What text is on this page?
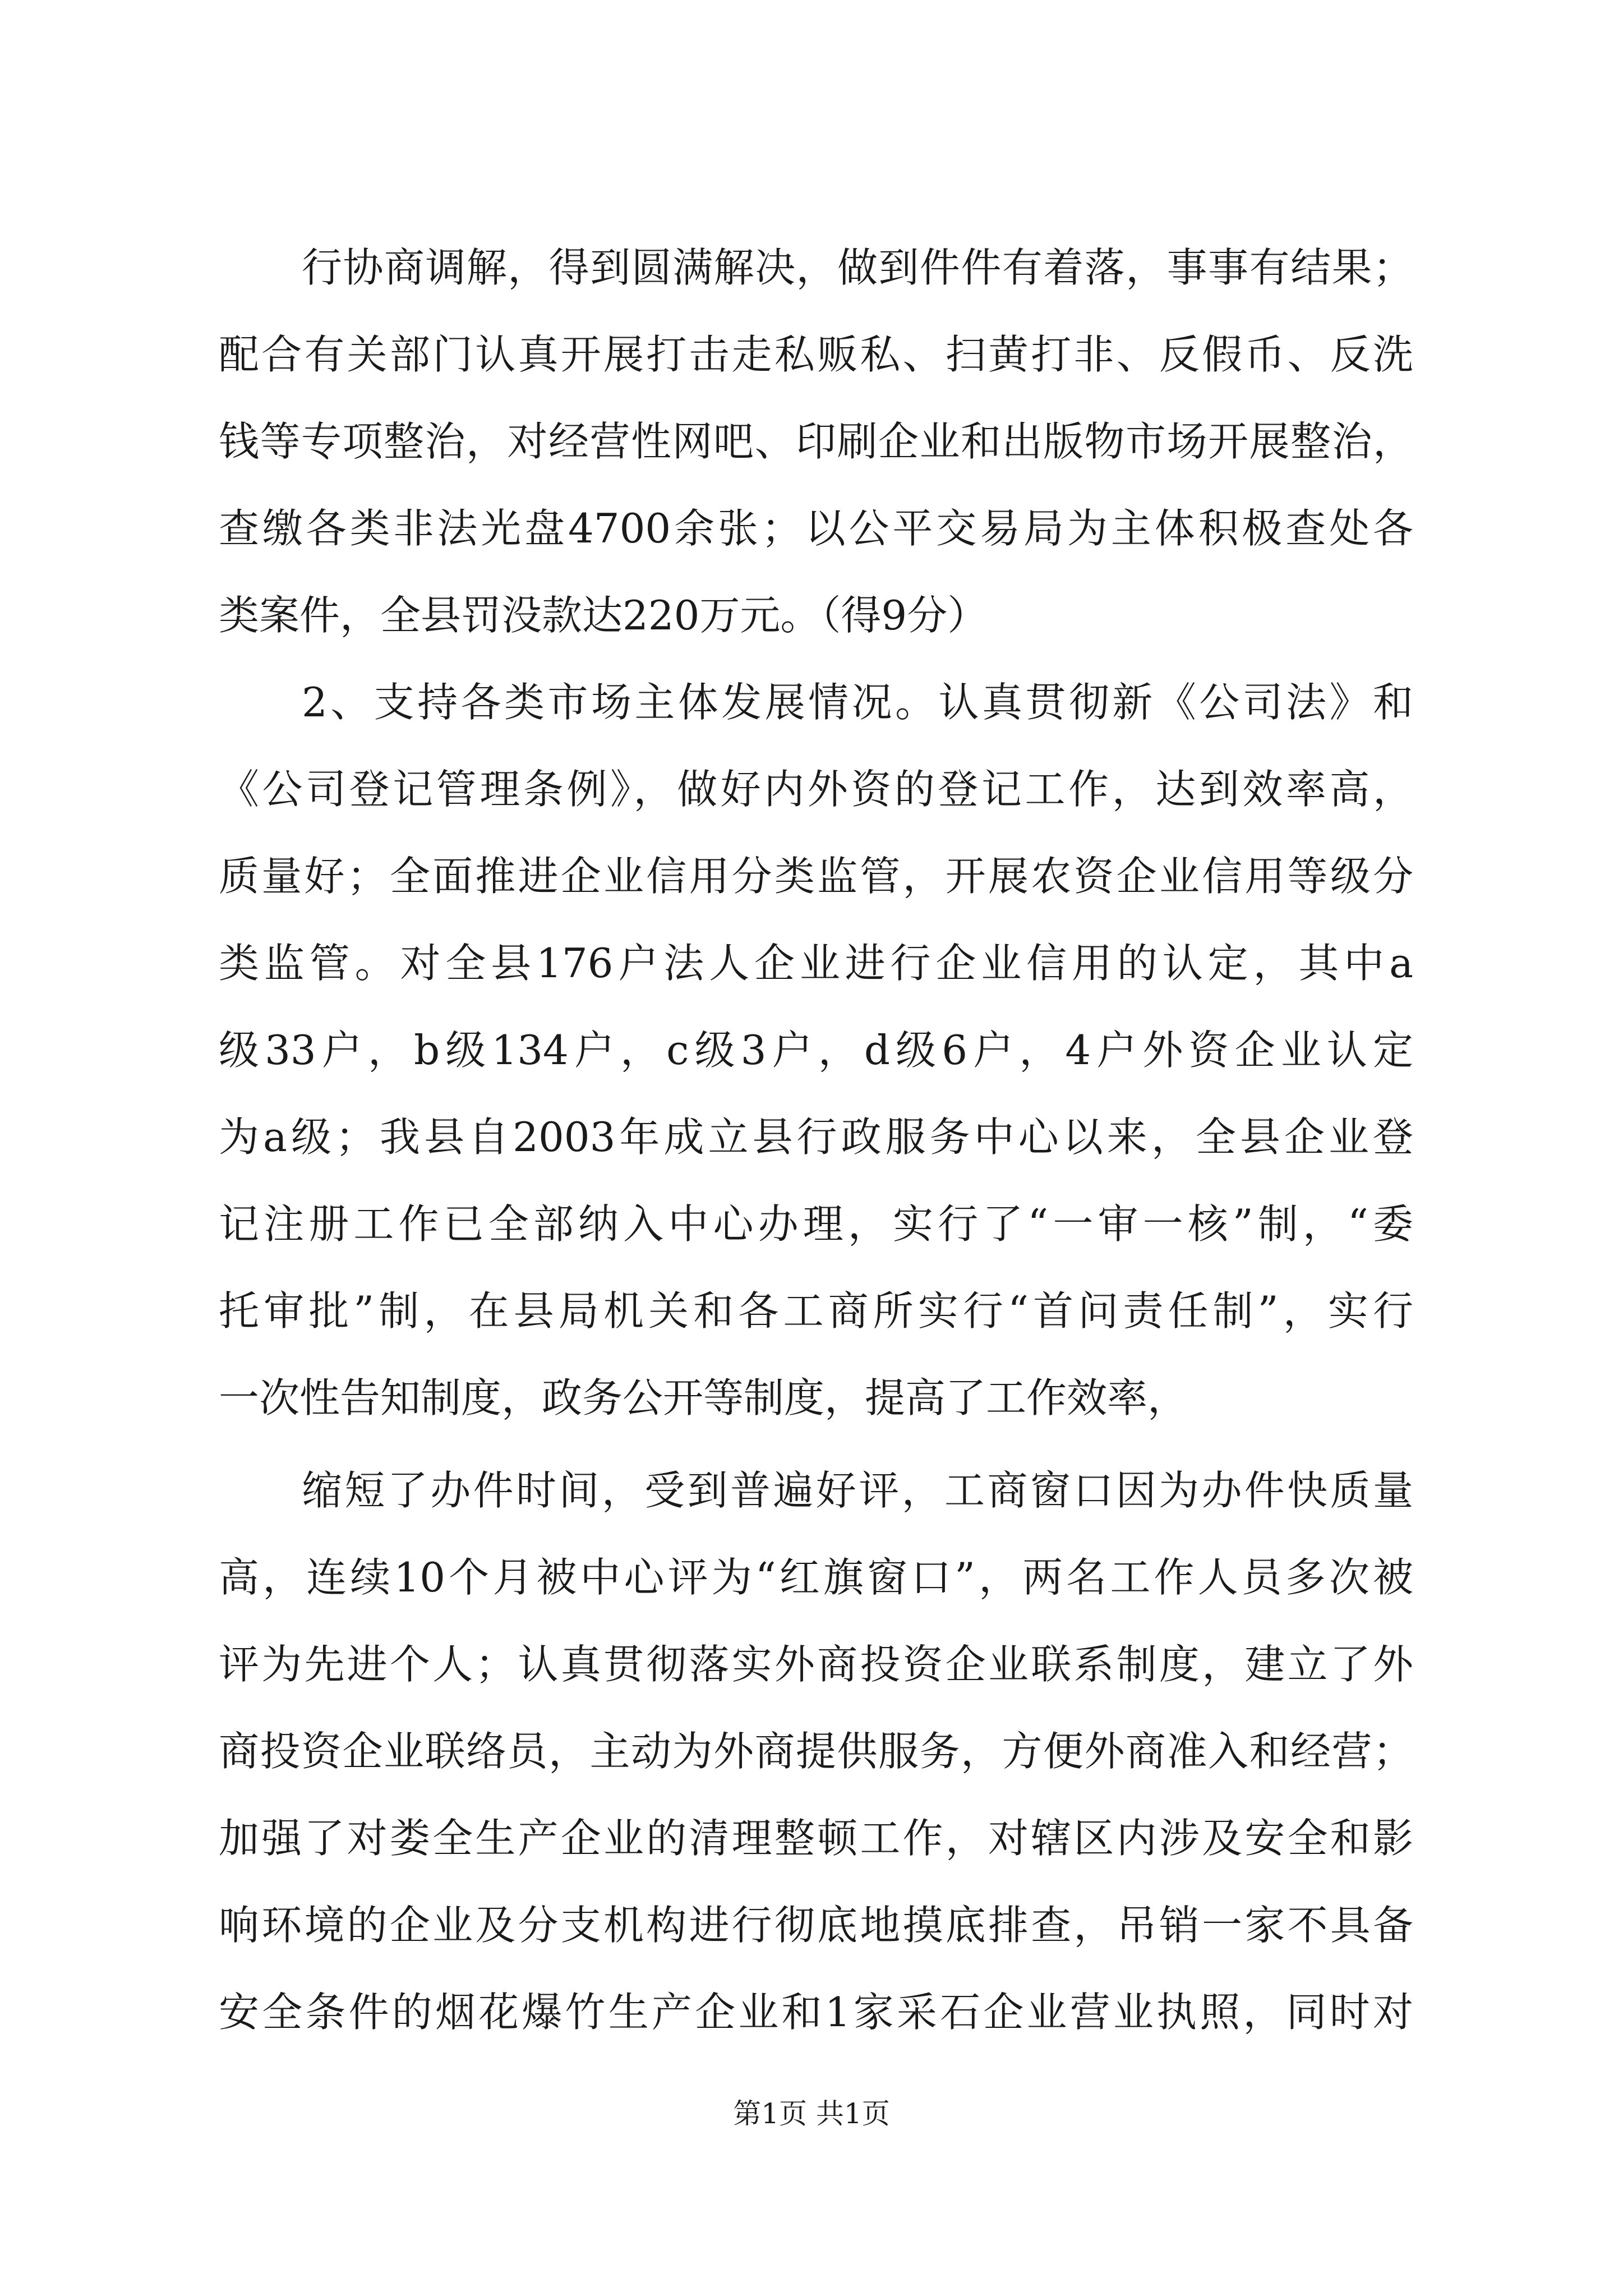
行协商调解，得到圆满解决，做到件件有着落，事事有结果；
配合有关部门认真开展打击走私贩私、扫黄打非、反假币、反洗
钱等专项整治，对经营性网吧、印刷企业和出版物市场开展整治，
查缴各类非法光盘4700余张；以公平交易局为主体积极查处各
类案件，全县罚没款达220万元。（得9分）
2、支持各类市场主体发展情况。认真贯彻新《公司法》和
《公司登记管理条例》，做好内外资的登记工作，达到效率高，
质量好；全面推进企业信用分类监管，开展农资企业信用等级分
类监管。对全县176户法人企业进行企业信用的认定，其中a
级33户，b级134户，c级3户，d级6户，4户外资企业认定
为a级；我县自2003年成立县行政服务中心以来，全县企业登
记注册工作已全部纳入中心办理，实行了“一审一核”制，“委
托审批”制，在县局机关和各工商所实行“首问责任制”，实行
一次性告知制度，政务公开等制度，提高了工作效率，
缩短了办件时间，受到普遍好评，工商窗口因为办件快质量
高，连续10个月被中心评为“红旗窗口”，两名工作人员多次被
评为先进个人；认真贯彻落实外商投资企业联系制度，建立了外
商投资企业联络员，主动为外商提供服务，方便外商准入和经营；
加强了对娄全生产企业的清理整顿工作，对辖区内涉及安全和影
响环境的企业及分支机构进行彻底地摸底排查，吊销一家不具备
安全条件的烟花爆竹生产企业和1家采石企业营业执照，同时对
第1页 共1页
